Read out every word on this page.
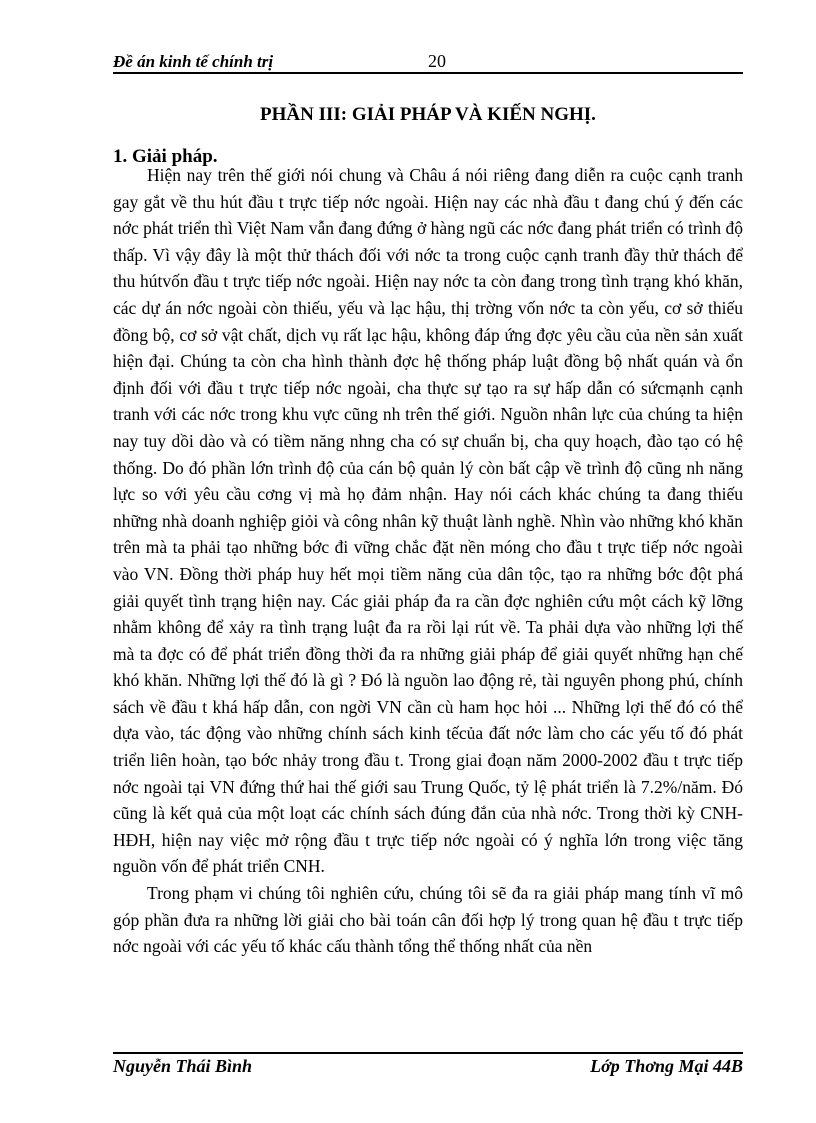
Đề án kinh tế chính trị	20
PHẦN III: GIẢI PHÁP VÀ KIẾN NGHỊ.
1. Giải pháp.

Hiện nay trên thế giới nói chung và Châu á nói riêng đang diễn ra cuộc cạnh tranh gay gắt về thu hút đầu t trực tiếp nớc ngoài. Hiện nay các nhà đầu t đang chú ý đến các nớc phát triển thì Việt Nam vẫn đang đứng ở hàng ngũ các nớc đang phát triển có trình độ thấp. Vì vậy đây là một thử thách đối với nớc ta trong cuộc cạnh tranh đầy thử thách để thu hútvốn đầu t trực tiếp nớc ngoài. Hiện nay nớc ta còn đang trong tình trạng khó khăn, các dự án nớc ngoài còn thiếu, yếu và lạc hậu, thị trờng vốn nớc ta còn yếu, cơ sở thiếu đồng bộ, cơ sở vật chất, dịch vụ rất lạc hậu, không đáp ứng đợc yêu cầu của nền sản xuất hiện đại. Chúng ta còn cha hình thành đợc hệ thống pháp luật đồng bộ nhất quán và ổn định đối với đầu t trực tiếp nớc ngoài, cha thực sự tạo ra sự hấp dẫn có sứcmạnh cạnh tranh với các nớc trong khu vực cũng nh trên thế giới. Nguồn nhân lực của chúng ta hiện nay tuy dồi dào và có tiềm năng nhng cha có sự chuẩn bị, cha quy hoạch, đào tạo có hệ thống. Do đó phần lớn trình độ của cán bộ quản lý còn bất cập về trình độ cũng nh năng lực so với yêu cầu cơng vị mà họ đảm nhận. Hay nói cách khác chúng ta đang thiếu những nhà doanh nghiệp giỏi và công nhân kỹ thuật lành nghề. Nhìn vào những khó khăn trên mà ta phải tạo những bớc đi vững chắc đặt nền móng cho đầu t trực tiếp nớc ngoài vào VN. Đồng thời pháp huy hết mọi tiềm năng của dân tộc, tạo ra những bớc đột phá giải quyết tình trạng hiện nay. Các giải pháp đa ra cần đợc nghiên cứu một cách kỹ lỡng nhằm không để xảy ra tình trạng luật đa ra rồi lại rút về. Ta phải dựa vào những lợi thế mà ta đợc có để phát triển đồng thời đa ra những giải pháp để giải quyết những hạn chế khó khăn. Những lợi thế đó là gì ? Đó là nguồn lao động rẻ, tài nguyên phong phú, chính sách về đầu t khá hấp dẫn, con ngời VN cần cù ham học hỏi ... Những lợi thế đó có thể dựa vào, tác động vào những chính sách kinh tếcủa đất nớc làm cho các yếu tố đó phát triển liên hoàn, tạo bớc nhảy trong đầu t. Trong giai đoạn năm 2000-2002 đầu t trực tiếp nớc ngoài tại VN đứng thứ hai thế giới sau Trung Quốc, tỷ lệ phát triển là 7.2%/năm. Đó cũng là kết quả của một loạt các chính sách đúng đắn của nhà nớc. Trong thời kỳ CNH-HĐH, hiện nay việc mở rộng đầu t trực tiếp nớc ngoài có ý nghĩa lớn trong việc tăng nguồn vốn để phát triển CNH.

Trong phạm vi chúng tôi nghiên cứu, chúng tôi sẽ đa ra giải pháp mang tính vĩ mô góp phần đưa ra những lời giải cho bài toán cân đối hợp lý trong quan hệ đầu t trực tiếp nớc ngoài với các yếu tố khác cấu thành tổng thể thống nhất của nền

Nguyễn Thái Bình	Lớp Thơng Mại 44B
